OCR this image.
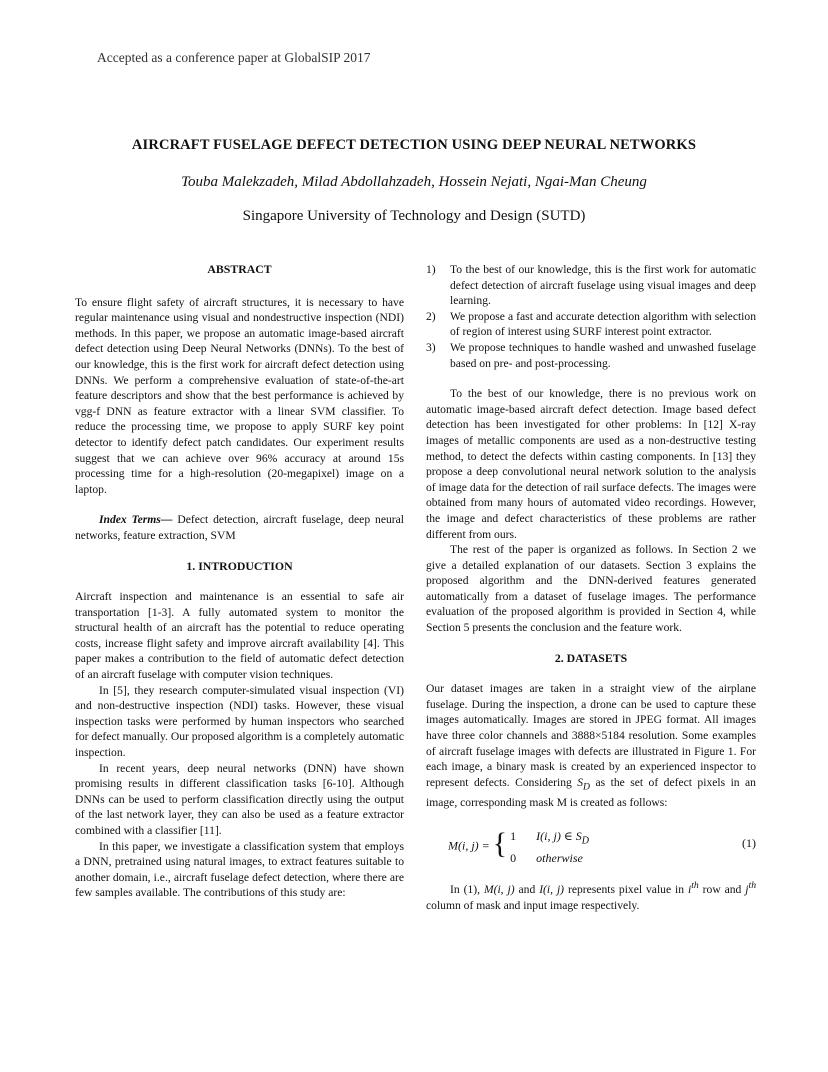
Accepted as a conference paper at GlobalSIP 2017
AIRCRAFT FUSELAGE DEFECT DETECTION USING DEEP NEURAL NETWORKS
Touba Malekzadeh, Milad Abdollahzadeh, Hossein Nejati, Ngai-Man Cheung
Singapore University of Technology and Design (SUTD)

ABSTRACT

To ensure flight safety of aircraft structures, it is necessary to have regular maintenance using visual and nondestructive inspection (NDI) methods. In this paper, we propose an automatic image-based aircraft defect detection using Deep Neural Networks (DNNs). To the best of our knowledge, this is the first work for aircraft defect detection using DNNs. We perform a comprehensive evaluation of state-of-the-art feature descriptors and show that the best performance is achieved by vgg-f DNN as feature extractor with a linear SVM classifier. To reduce the processing time, we propose to apply SURF key point detector to identify defect patch candidates. Our experiment results suggest that we can achieve over 96% accuracy at around 15s processing time for a high-resolution (20-megapixel) image on a laptop.

Index Terms— Defect detection, aircraft fuselage, deep neural networks, feature extraction, SVM

1. INTRODUCTION

Aircraft inspection and maintenance is an essential to safe air transportation [1-3]. A fully automated system to monitor the structural health of an aircraft has the potential to reduce operating costs, increase flight safety and improve aircraft availability [4]. This paper makes a contribution to the field of automatic defect detection of an aircraft fuselage with computer vision techniques.

In [5], they research computer-simulated visual inspection (VI) and non-destructive inspection (NDI) tasks. However, these visual inspection tasks were performed by human inspectors who searched for defect manually. Our proposed algorithm is a completely automatic inspection.

In recent years, deep neural networks (DNN) have shown promising results in different classification tasks [6-10]. Although DNNs can be used to perform classification directly using the output of the last network layer, they can also be used as a feature extractor combined with a classifier [11].

In this paper, we investigate a classification system that employs a DNN, pretrained using natural images, to extract features suitable to another domain, i.e., aircraft fuselage defect detection, where there are few samples available. The contributions of this study are:

1) To the best of our knowledge, this is the first work for automatic defect detection of aircraft fuselage using visual images and deep learning.
2) We propose a fast and accurate detection algorithm with selection of region of interest using SURF interest point extractor.
3) We propose techniques to handle washed and unwashed fuselage based on pre- and post-processing.

To the best of our knowledge, there is no previous work on automatic image-based aircraft defect detection. Image based defect detection has been investigated for other problems: In [12] X-ray images of metallic components are used as a non-destructive testing method, to detect the defects within casting components. In [13] they propose a deep convolutional neural network solution to the analysis of image data for the detection of rail surface defects. The images were obtained from many hours of automated video recordings. However, the image and defect characteristics of these problems are rather different from ours.

The rest of the paper is organized as follows. In Section 2 we give a detailed explanation of our datasets. Section 3 explains the proposed algorithm and the DNN-derived features generated automatically from a dataset of fuselage images. The performance evaluation of the proposed algorithm is provided in Section 4, while Section 5 presents the conclusion and the feature work.

2. DATASETS

Our dataset images are taken in a straight view of the airplane fuselage. During the inspection, a drone can be used to capture these images automatically. Images are stored in JPEG format. All images have three color channels and 3888×5184 resolution. Some examples of aircraft fuselage images with defects are illustrated in Figure 1. For each image, a binary mask is created by an experienced inspector to represent defects. Considering $S_D$ as the set of defect pixels in an image, corresponding mask M is created as follows:

M(i, j) = { 1 I(i, j) ∈ $S_D$
0 otherwise
(1)

In (1), M(i, j) and I(i, j) represents pixel value in $i^{th}$ row and $j^{th}$ column of mask and input image respectively.
